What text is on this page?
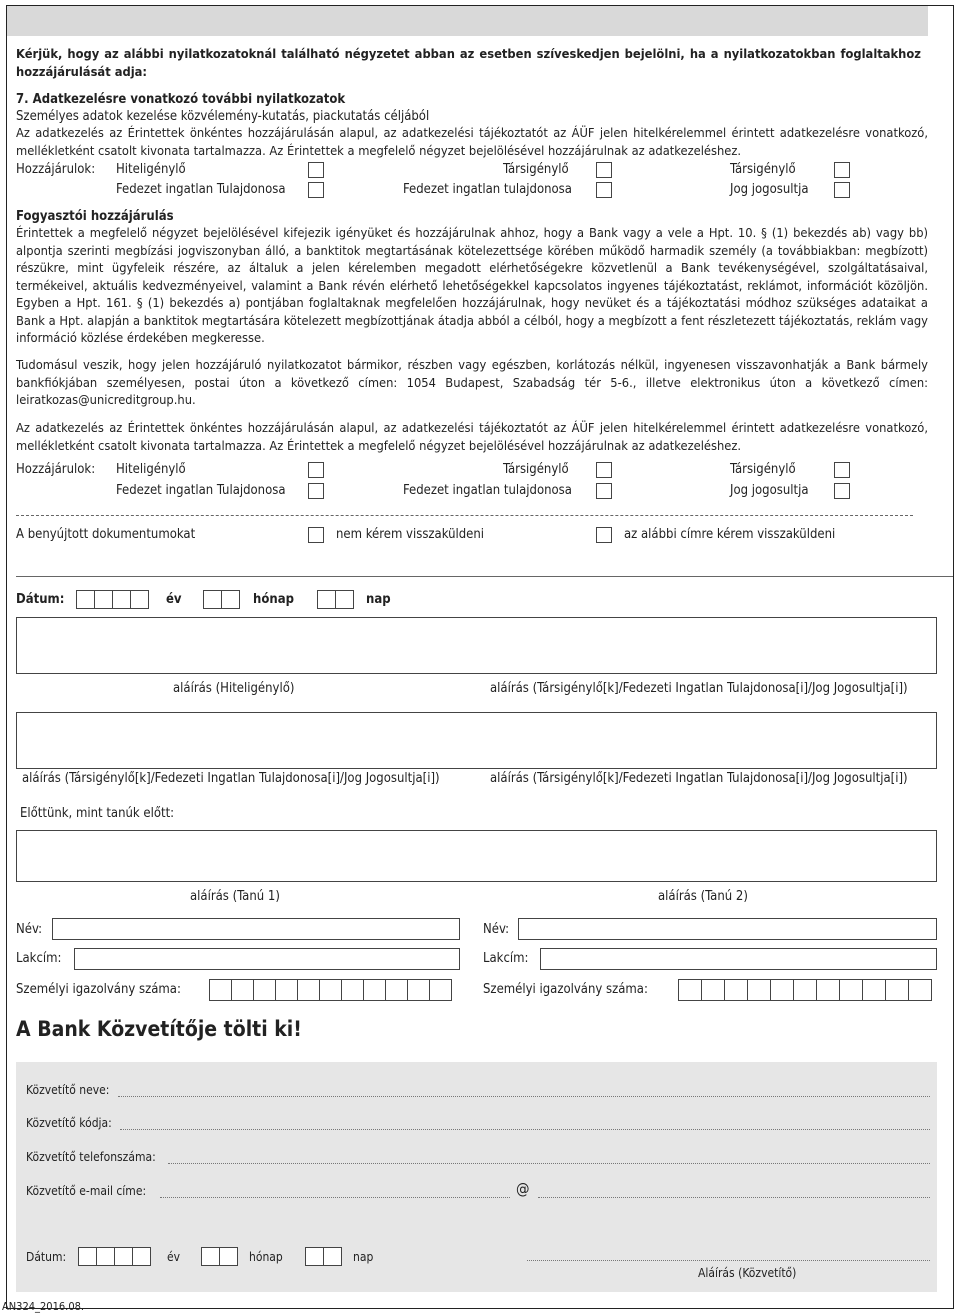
Kérjük, hogy az alábbi nyilatkozatoknál található négyzetet abban az esetben szíveskedjen bejelölni, ha a nyilatkozatokban foglaltakhoz hozzájárulását adja:
7. Adatkezelésre vonatkozó további nyilatkozatok
Személyes adatok kezelése közvélemény-kutatás, piackutatás céljából
Az adatkezelés az Érintettek önkéntes hozzájárulásán alapul, az adatkezelési tájékoztatót az ÁÜF jelen hitelkérelemmel érintett adatkezelésre vonatkozó, mellékletként csatolt kivonata tartalmazza. Az Érintettek a megfelelő négyzet bejelölésével hozzájárulnak az adatkezeléshez.
Hozzájárulok: Hiteligénylő	Társigénylő	Társigénylő
Fedezet ingatlan Tulajdonosa	Fedezet ingatlan tulajdonosa	Jog jogosultja
Fogyasztói hozzájárulás
Érintettek a megfelelő négyzet bejelölésével kifejezik igényüket és hozzájárulnak ahhoz, hogy a Bank vagy a vele a Hpt. 10. § (1) bekezdés ab) vagy bb) alpontja szerinti megbízási jogviszonyban álló, a banktitok megtartásának kötelezettsége körében működő harmadik személy (a továbbiakban: megbízott) részükre, mint ügyfeleik részére, az általuk a jelen kérelemben megadott elérhetőségekre közvetlenül a Bank tevékenységével, szolgáltatásaival, termékeivel, aktuális kedvezményeivel, valamint a Bank révén elérhető lehetőségekkel kapcsolatos ingyenes tájékoztatást, reklámot, információt közöljön. Egyben a Hpt. 161. § (1) bekezdés a) pontjában foglaltaknak megfelelően hozzájárulnak, hogy nevüket és a tájékoztatási módhoz szükséges adataikat a Bank a Hpt. alapján a banktitok megtartására kötelezett megbízottjának átadja abból a célból, hogy a megbízott a fent részletezett tájékoztatás, reklám vagy információ közlése érdekében megkeresse.
Tudomásul veszik, hogy jelen hozzájáruló nyilatkozatot bármikor, részben vagy egészben, korlátozás nélkül, ingyenesen visszavonhatják a Bank bármely bankfiókjában személyesen, postai úton a következő címen: 1054 Budapest, Szabadság tér 5-6., illetve elektronikus úton a következő címen: leiratkozas@unicreditgroup.hu.
Az adatkezelés az Érintettek önkéntes hozzájárulásán alapul, az adatkezelési tájékoztatót az ÁÜF jelen hitelkérelemmel érintett adatkezelésre vonatkozó, mellékletként csatolt kivonata tartalmazza. Az Érintettek a megfelelő négyzet bejelölésével hozzájárulnak az adatkezeléshez.
Hozzájárulok: Hiteligénylő	Társigénylő	Társigénylő
Fedezet ingatlan Tulajdonosa	Fedezet ingatlan tulajdonosa	Jog jogosultja
A benyújtott dokumentumokat	nem kérem visszaküldeni	az alábbi címre kérem visszaküldeni
Dátum:	év	hónap	nap
aláírás (Hiteligénylő)	aláírás (Társigénylő[k]/Fedezeti Ingatlan Tulajdonosa[i]/Jog Jogosultja[i])
aláírás (Társigénylő[k]/Fedezeti Ingatlan Tulajdonosa[i]/Jog Jogosultja[i])	aláírás (Társigénylő[k]/Fedezeti Ingatlan Tulajdonosa[i]/Jog Jogosultja[i])
Előttünk, mint tanúk előtt:
aláírás (Tanú 1)	aláírás (Tanú 2)
Név:	Név:
Lakcím:	Lakcím:
Személyi igazolvány száma:	Személyi igazolvány száma:
A Bank Közvetítője tölti ki!
Közvetítő neve:
Közvetítő kódja:
Közvetítő telefonszáma:
Közvetítő e-mail címe:	@
Dátum:	év	hónap	nap
Aláírás (Közvetítő)
AN324_2016.08.
